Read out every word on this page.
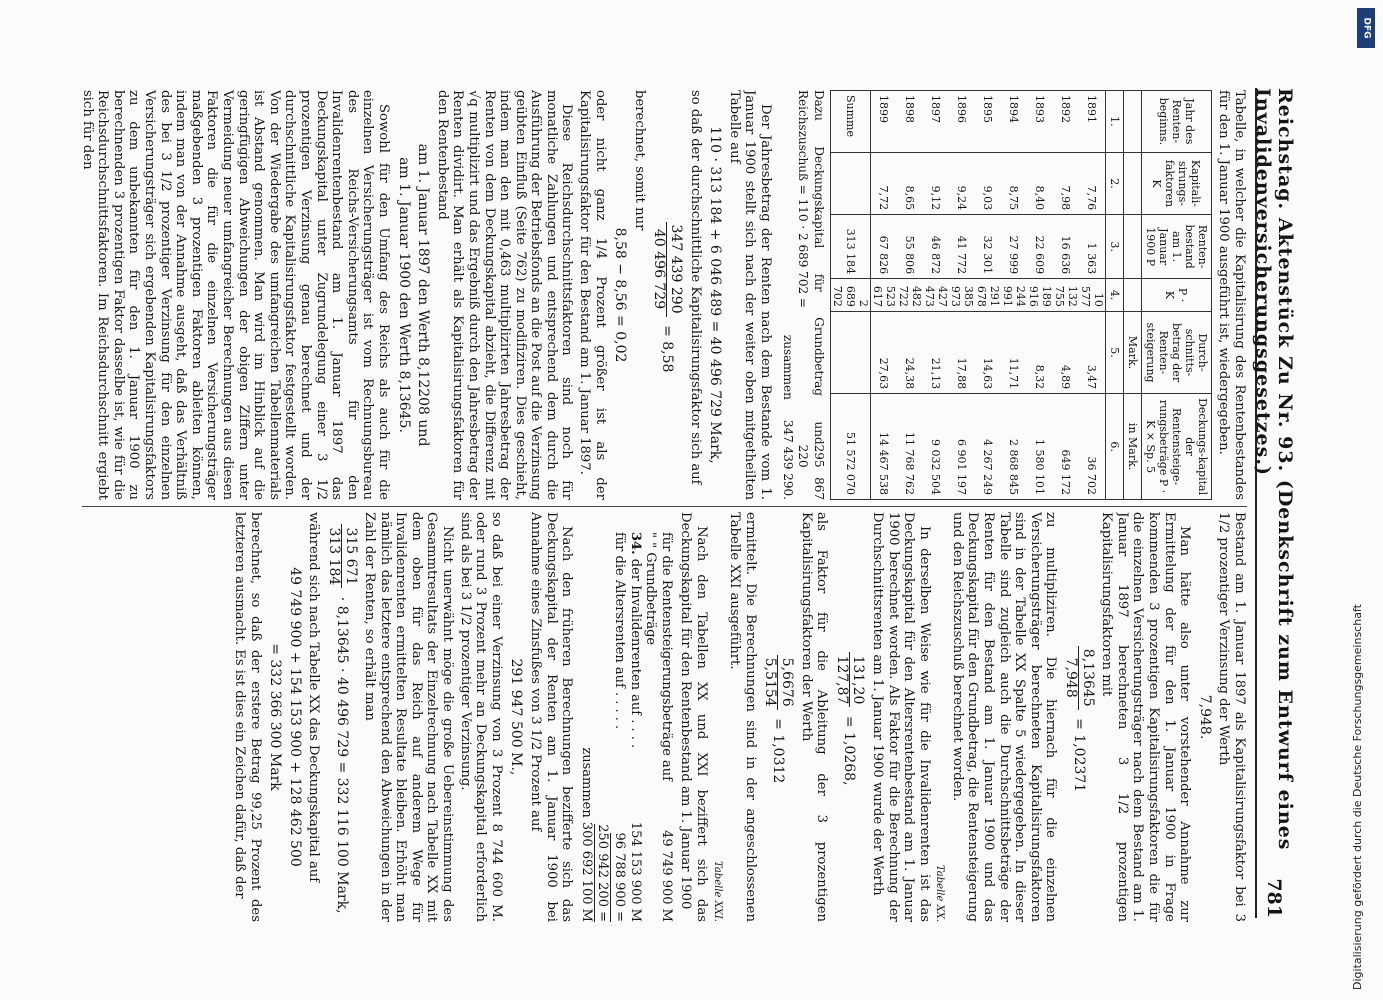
Reichstag. Aktenstück Zu Nr. 93. (Denkschrift zum Entwurf eines Invalidenversicherungsgesetzes.)
781

Tabelle, in welcher die Kapitalisirung des Rentenbestandes für den 1. Januar 1900 ausgeführt ist, wiedergegeben.

Jahr des Renten-beginns.	Kapitali-sirungs-faktoren K	Renten-bestand am 1. Januar 1900 P	P · K	Durch-schnitts-betrag der Renten-steigerung	Deckungs-kapital der Rentensteige-rungsbeträge P · K × Sp. 5
				Mark.	in Mark.
1.	2.	3.	4.	5.	6.
1891	7,76	1 363	10 577	3,47	36 702
1892	7,98	16 636	132 755	4,89	649 172
1893	8,40	22 609	189 916	8,32	1 580 101
1894	8,75	27 999	244 991	11,71	2 868 845
1895	9,03	32 301	291 678	14,63	4 267 249
1896	9,24	41 772	385 973	17,88	6 901 197
1897	9,12	46 872	427 473	21,13	9 032 504
1898	8,65	55 806	482 722	24,38	11 768 762
1899	7,72	67 826	523 617	27,63	14 467 538
Summe		313 184	2 689 702		51 572 070
Dazu Deckungskapital für Grundbetrag und Reichszuschuß = 110 · 2 689 702 =
295 867 220
zusammen
347 439 290.

Der Jahresbetrag der Renten nach dem Bestande vom 1. Januar 1900 stellt sich nach der weiter oben mitgetheilten Tabelle auf

110 · 313 184 + 6 046 489 = 40 496 729 Mark,

so daß der durchschnittliche Kapitalisirungsfaktor sich auf

347 439 290
40 496 729
= 8,58

berechnet, somit nur

8,58 − 8,56 = 0,02

oder nicht ganz 1/4 Prozent größer ist als der Kapitalisirungsfaktor für den Bestand am 1. Januar 1897.

Diese Reichsdurchschnittsfaktoren sind noch für monatliche Zahlungen und entsprechend dem durch die Ausführung der Betriebsfonds an die Post auf die Verzinsung geübten Einfluß (Seite 762) zu modifiziren. Dies geschieht, indem man den mit 0,463 multiplizirten Jahresbetrag der Renten von dem Deckungskapital abzieht, die Differenz mit √q multiplizirt und das Ergebniß durch den Jahresbetrag der Renten dividirt. Man erhält als Kapitalisirungsfaktoren für den Rentenbestand

am 1. Januar 1897 den Werth 8,12208 und
am 1. Januar 1900 den Werth 8,13645.

Sowohl für den Umfang des Reichs als auch für die einzelnen Versicherungsträger ist vom Rechnungsbureau des Reichs-Versicherungsamts für den Invalidenrentenbestand am 1. Januar 1897 das Deckungskapital unter Zugrundelegung einer 3 1/2 prozentigen Verzinsung genau berechnet und der durchschnittliche Kapitalisirungsfaktor festgestellt worden. Von der Wiedergabe des umfangreichen Tabellenmaterials ist Abstand genommen. Man wird im Hinblick auf die geringfügigen Abweichungen der obigen Ziffern unter Vermeidung neuer umfangreicher Berechnungen aus diesen Faktoren die für die einzelnen Versicherungsträger maßgebenden 3 prozentigen Faktoren ableiten können, indem man von der Annahme ausgeht, daß das Verhältniß des bei 3 1/2 prozentiger Verzinsung für den einzelnen Versicherungsträger sich ergebenden Kapitalisirungsfaktors zu dem unbekannten für den 1. Januar 1900 zu berechnenden 3 prozentigen Faktor dasselbe ist, wie für die Reichsdurchschnittsfaktoren. Im Reichsdurchschnitt ergiebt sich für den

Bestand am 1. Januar 1897 als Kapitalisirungsfaktor bei 3 1/2 prozentiger Verzinsung der Werth

7,948.

Man hätte also unter vorstehender Annahme zur Ermittelung der für den 1. Januar 1900 in Frage kommenden 3 prozentigen Kapitalisirungsfaktoren die für die einzelnen Versicherungsträger nach dem Bestand am 1. Januar 1897 berechneten 3 1/2 prozentigen Kapitalisirungsfaktoren mit

8,13645
7,948
= 1,02371

zu multipliziren. Die hiernach für die einzelnen Versicherungsträger berechneten Kapitalisirungsfaktoren sind in der Tabelle XX Spalte 5 wiedergegeben. In dieser Tabelle sind zugleich auch die Durchschnittsbeträge der Renten für den Bestand am 1. Januar 1900 und das Deckungskapital für den Grundbetrag, die Rentensteigerung und den Reichszuschuß berechnet worden.

Tabelle XX.

In derselben Weise wie für die Invalidenrenten ist das Deckungskapital für den Altersrentenbestand am 1. Januar 1900 berechnet worden. Als Faktor für die Berechnung der Durchschnittsrenten am 1. Januar 1900 wurde der Werth

131,20
127,87
= 1,0268,

als Faktor für die Ableitung der 3 prozentigen Kapitalisirungsfaktoren der Werth

5,6676
5,5154
= 1,0312

ermittelt. Die Berechnungen sind in der angeschlossenen Tabelle XXI ausgeführt.

Tabelle XXI.

Nach den Tabellen XX und XXI beziffert sich das Deckungskapital für den Rentenbestand am 1. Januar 1900

für die Rentensteigerungsbeträge auf
49 749 900 M
" " Grundbeträge
34. der Invalidenrenten auf . . . .
154 153 900 M
für die Altersrenten auf . . . . .
96 788 900 =
250 942 200 =
zusammen 300 692 100 M

Nach den früheren Berechnungen bezifferte sich das Deckungskapital der Renten am 1. Januar 1900 bei Annahme eines Zinsfußes von 3 1/2 Prozent auf

291 947 500 M.,

so daß bei einer Verzinsung von 3 Prozent 8 744 600 M. oder rund 3 Prozent mehr an Deckungskapital erforderlich sind als bei 3 1/2 prozentiger Verzinsung.

Nicht unerwähnt möge die große Uebereinstimmung des Gesammtresultats der Einzelrechnung nach Tabelle XX mit dem oben für das Reich auf anderem Wege für Invalidenrenten ermittelten Resultate bleiben. Erhöht man nämlich das letztere entsprechend den Abweichungen in der Zahl der Renten, so erhält man

315 671
313 184
· 8,13645 · 40 496 729 = 332 116 100 Mark,

während sich nach Tabelle XX das Deckungskapital auf

49 749 900 + 154 153 900 + 128 462 500
= 332 366 300 Mark

berechnet, so daß der erstere Betrag 99,25 Prozent des letzteren ausmacht. Es ist dies ein Zeichen dafür, daß der

DFG
Digitalisierung gefördert durch die Deutsche Forschungsgemeinschaft
